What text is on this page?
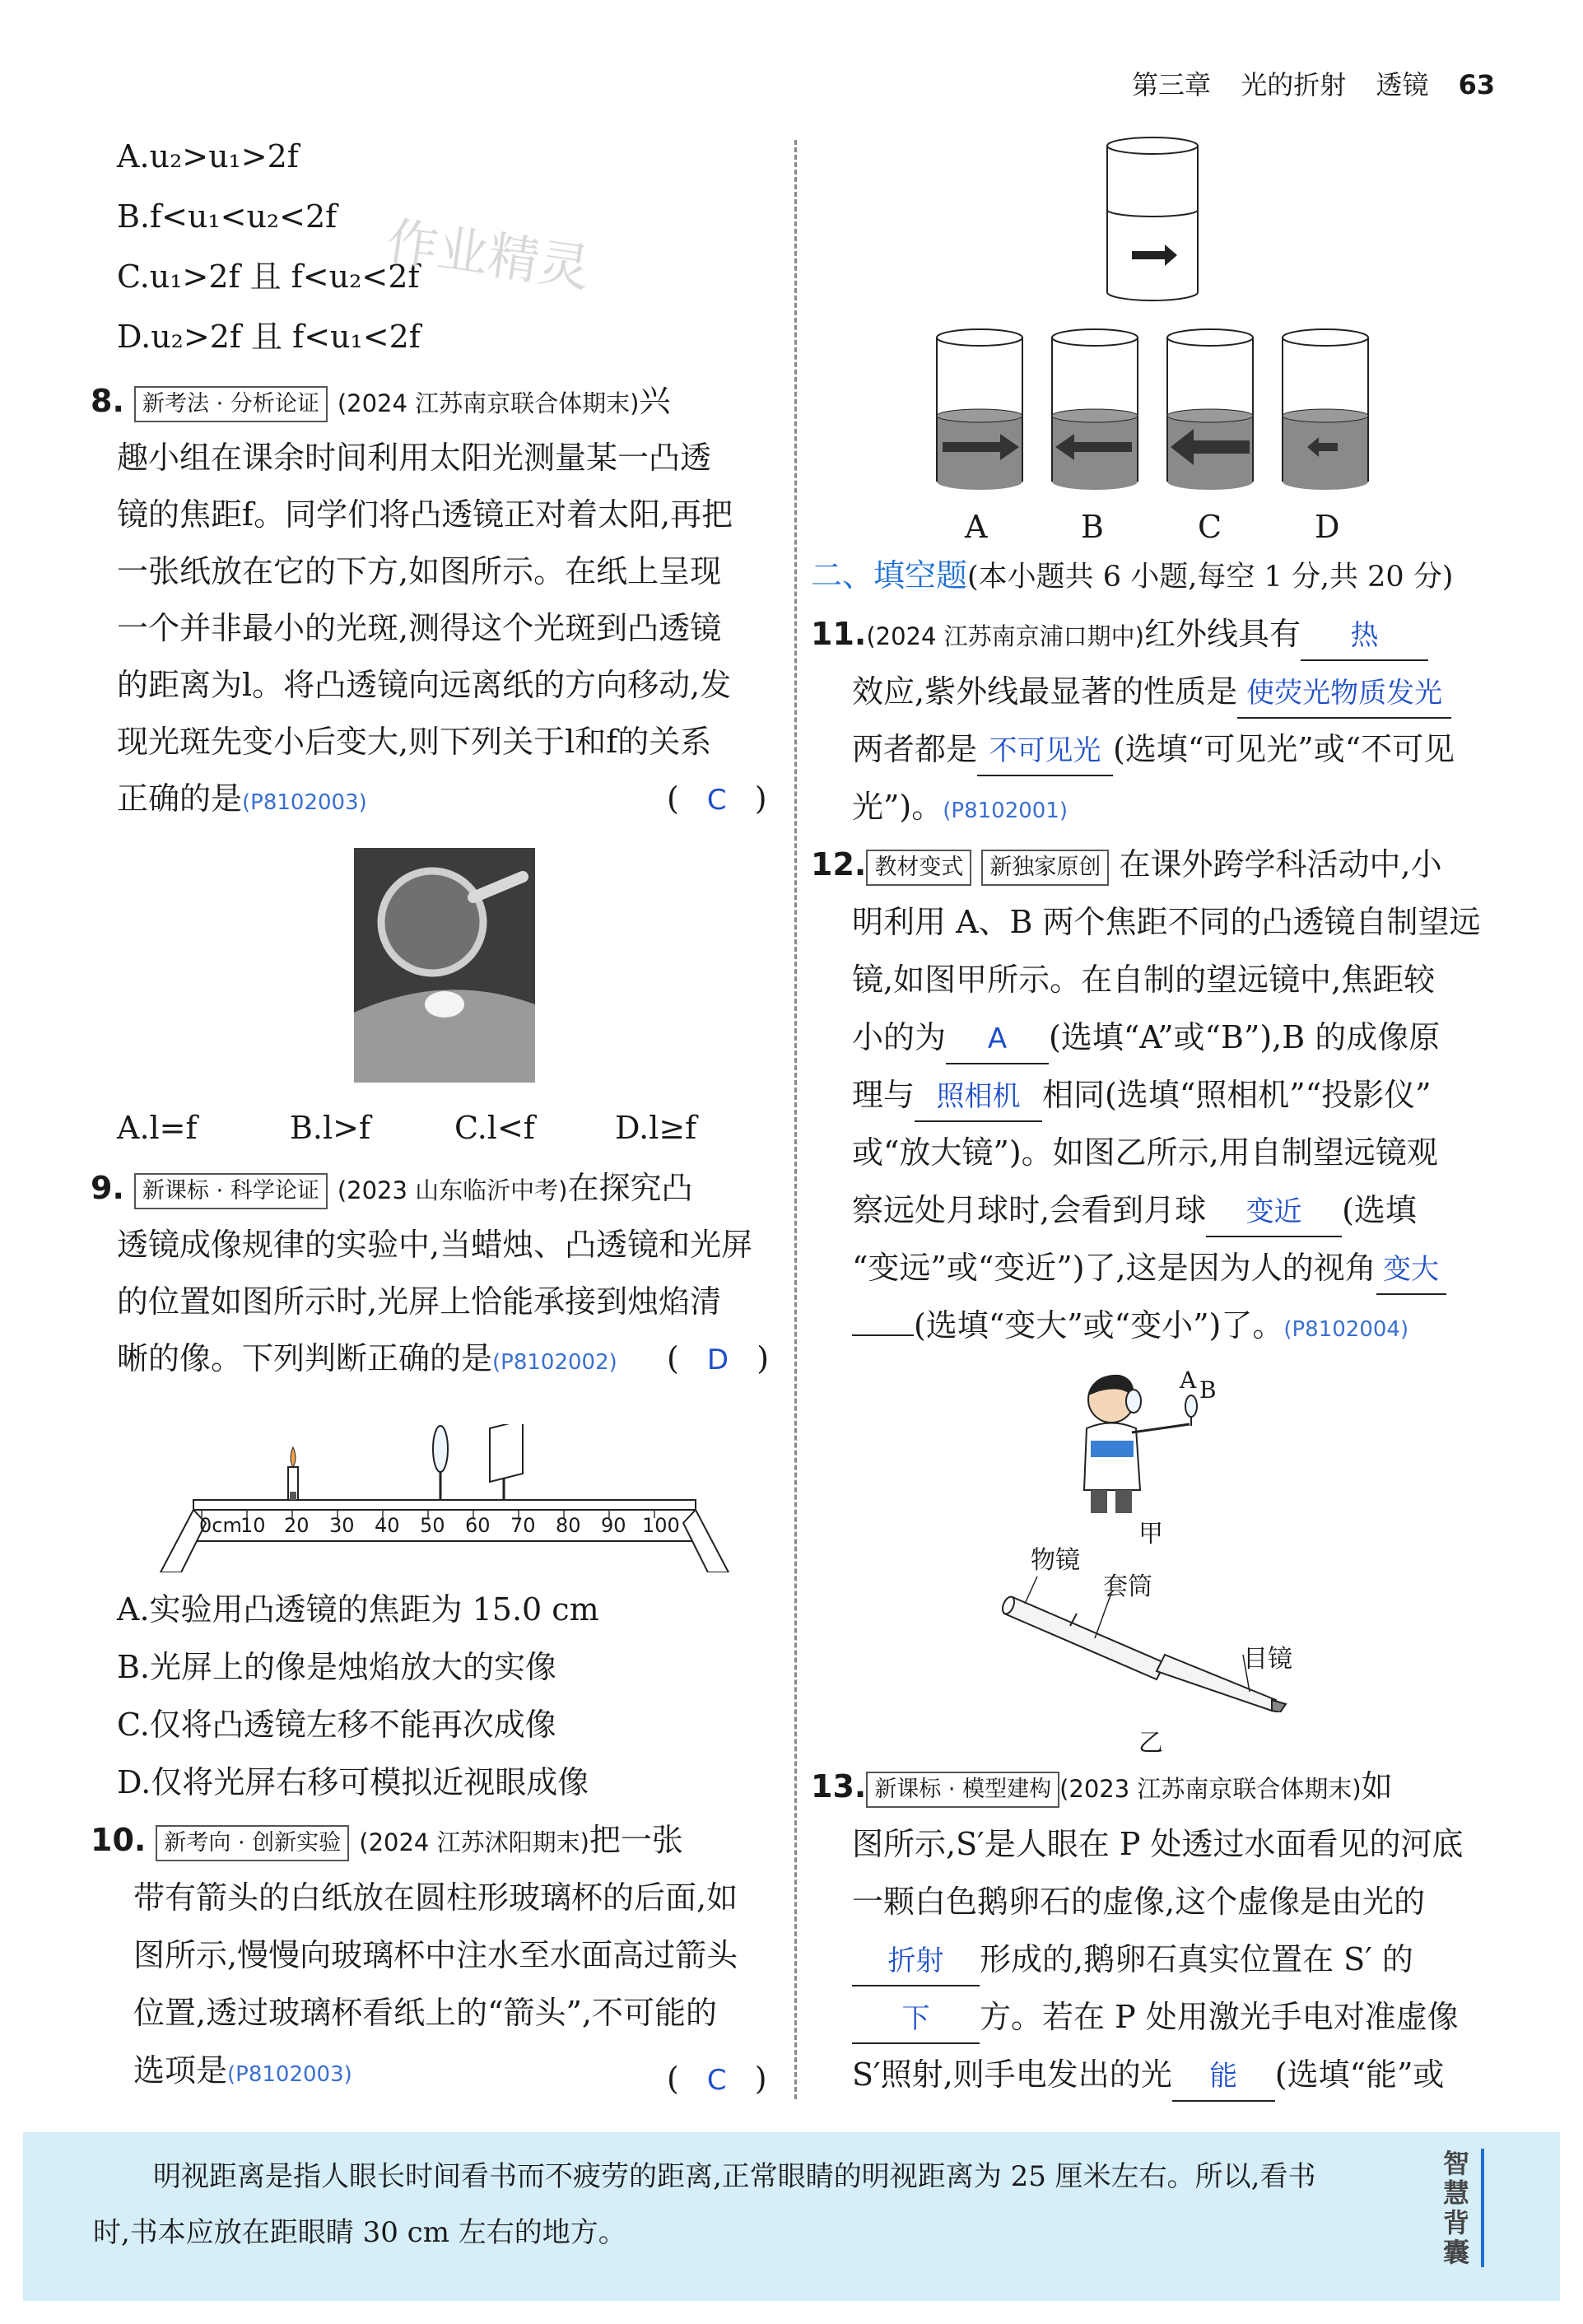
第三章 光的折射 透镜 63
A.u₂>u₁>2f
B.f<u₁<u₂<2f
C.u₁>2f 且 f<u₂<2f
D.u₂>2f 且 f<u₁<2f
作业精灵
8. 新考法 · 分析论证 (2024 江苏南京联合体期末)兴
趣小组在课余时间利用太阳光测量某一凸透
镜的焦距f。同学们将凸透镜正对着太阳,再把
一张纸放在它的下方,如图所示。在纸上呈现
一个并非最小的光斑,测得这个光斑到凸透镜
的距离为l。将凸透镜向远离纸的方向移动,发
现光斑先变小后变大,则下列关于l和f的关系
正确的是(P8102003)	( C )
A.l=f	B.l>f	C.l<f	D.l≥f
9. 新课标 · 科学论证 (2023 山东临沂中考)在探究凸
透镜成像规律的实验中,当蜡烛、凸透镜和光屏
的位置如图所示时,光屏上恰能承接到烛焰清
晰的像。下列判断正确的是(P8102002) ( D )
0cm
10 20 30 40 50 60 70 80 90 100
A.实验用凸透镜的焦距为 15.0 cm
B.光屏上的像是烛焰放大的实像
C.仅将凸透镜左移不能再次成像
D.仅将光屏右移可模拟近视眼成像
10. 新考向 · 创新实验 (2024 江苏沭阳期末)把一张
带有箭头的白纸放在圆柱形玻璃杯的后面,如
图所示,慢慢向玻璃杯中注水至水面高过箭头
位置,透过玻璃杯看纸上的“箭头”,不可能的
选项是(P8102003)	( C )
A	B	C	D
二、填空题(本小题共 6 小题,每空 1 分,共 20 分)
11.(2024 江苏南京浦口期中)红外线具有 热
效应,紫外线最显著的性质是 使荧光物质发光
两者都是 不可见光 (选填“可见光”或“不可见
光”)。(P8102001)
12. 教材变式 新独家原创 在课外跨学科活动中,小
明利用 A、B 两个焦距不同的凸透镜自制望远
镜,如图甲所示。在自制的望远镜中,焦距较
小的为 A (选填“A”或“B”),B 的成像原
理与 照相机 相同(选填“照相机”“投影仪”
或“放大镜”)。如图乙所示,用自制望远镜观
察远处月球时,会看到月球 变近 (选填
“变远”或“变近”)了,这是因为人的视角 变大
(选填“变大”或“变小”)了。(P8102004)
A B
甲
物镜
套筒
目镜
乙
13. 新课标 · 模型建构 (2023 江苏南京联合体期末)如
图所示,S′是人眼在 P 处透过水面看见的河底
一颗白色鹅卵石的虚像,这个虚像是由光的
折射 形成的,鹅卵石真实位置在 S′ 的
下 方。若在 P 处用激光手电对准虚像
S′照射,则手电发出的光 能 (选填“能”或
明视距离是指人眼长时间看书而不疲劳的距离,正常眼睛的明视距离为 25 厘米左右。所以,看书
时,书本应放在距眼睛 30 cm 左右的地方。
智慧背囊
